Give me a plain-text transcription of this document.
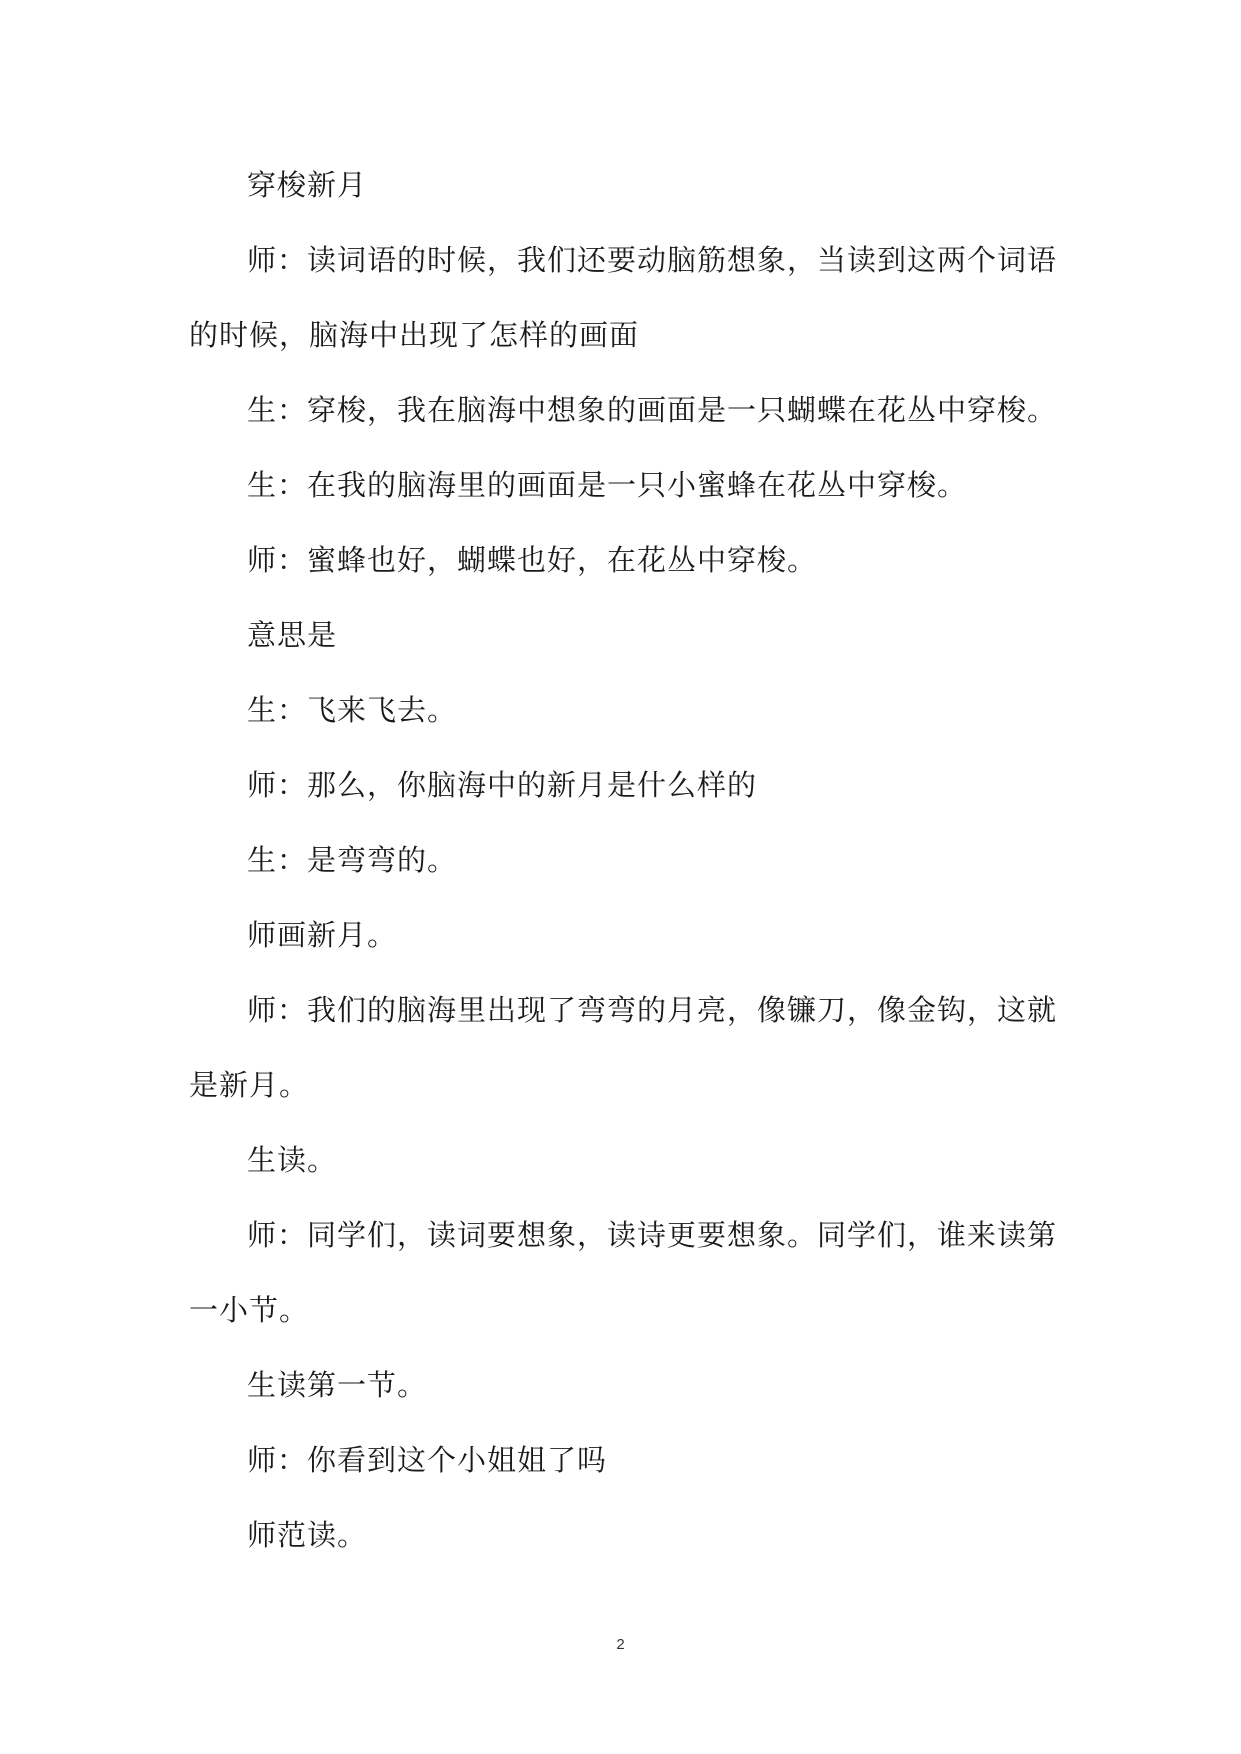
穿梭新月

师：读词语的时候，我们还要动脑筋想象，当读到这两个词语的时候，脑海中出现了怎样的画面

生：穿梭，我在脑海中想象的画面是一只蝴蝶在花丛中穿梭。

生：在我的脑海里的画面是一只小蜜蜂在花丛中穿梭。

师：蜜蜂也好，蝴蝶也好，在花丛中穿梭。

意思是

生：飞来飞去。

师：那么，你脑海中的新月是什么样的

生：是弯弯的。

师画新月。

师：我们的脑海里出现了弯弯的月亮，像镰刀，像金钩，这就是新月。

生读。

师：同学们，读词要想象，读诗更要想象。同学们，谁来读第一小节。

生读第一节。

师：你看到这个小姐姐了吗

师范读。

2
